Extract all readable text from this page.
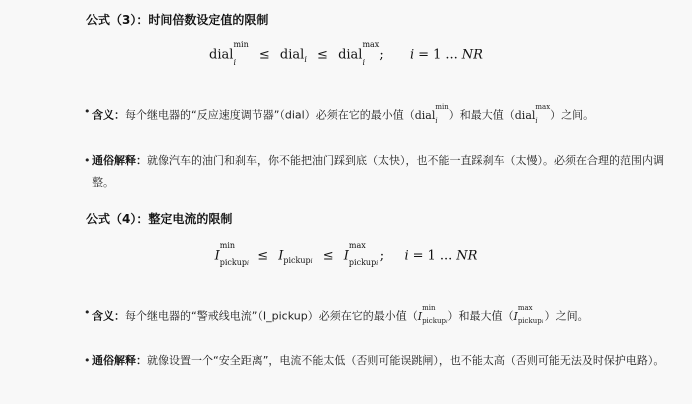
公式（3）：时间倍数设定值的限制
dial$^{min}$
i
≤ dial$_i$ ≤ dial$^{max}$
i
; i = 1 ... NR
• 含义：每个继电器的“反应速度调节器”（dial）必须在它的最小值（dial$^{min}$
i ）和最大值（dial$^{max}$
i ）之间。
• 通俗解释：就像汽车的油门和刹车，你不能把油门踩到底（太快），也不能一直踩刹车（太慢）。必须在合理的范围内调整。
公式（4）：整定电流的限制
$I^{min}$
pickupi
≤ $I_{pickupi} \le I^{max}$
pickupi
; i = 1 ... NR
• 含义：每个继电器的“警戒线电流”（I_pickup）必须在它的最小值（$I^{min}$
pickupi ）和最大值（$I^{max}$
pickupi ）之间。
• 通俗解释：就像设置一个“安全距离”，电流不能太低（否则可能误跳闸），也不能太高（否则可能无法及时保护电路）。
